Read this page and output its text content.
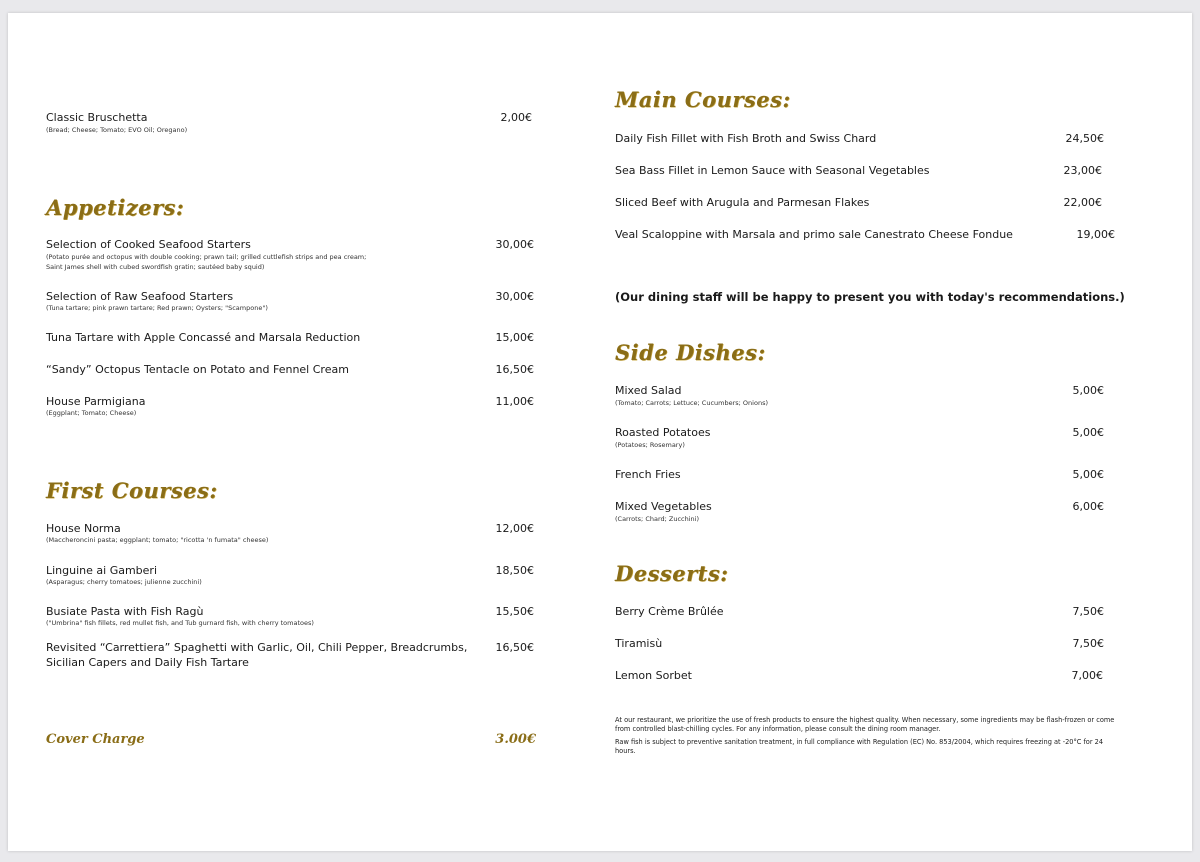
Classic Bruschetta
(Bread; Cheese; Tomato; EVO Oil; Oregano)
2,00€
Appetizers:
Selection of Cooked Seafood Starters
(Potato purée and octopus with double cooking; prawn tail; grilled cuttlefish strips and pea cream;
Saint James shell with cubed swordfish gratin; sautéed baby squid)
30,00€
Selection of Raw Seafood Starters
(Tuna tartare; pink prawn tartare; Red prawn; Oysters; "Scampone")
30,00€
Tuna Tartare with Apple Concassé and Marsala Reduction	15,00€
“Sandy” Octopus Tentacle on Potato and Fennel Cream	16,50€
House Parmigiana
(Eggplant; Tomato; Cheese)
11,00€
First Courses:
House Norma
(Maccheroncini pasta; eggplant; tomato; "ricotta 'n fumata" cheese)
12,00€
Linguine ai Gamberi
(Asparagus; cherry tomatoes; julienne zucchini)
18,50€
Busiate Pasta with Fish Ragù
("Umbrina" fish fillets, red mullet fish, and Tub gurnard fish, with cherry tomatoes)
15,50€
Revisited “Carrettiera” Spaghetti with Garlic, Oil, Chili Pepper, Breadcrumbs,
Sicilian Capers and Daily Fish Tartare
16,50€
Cover Charge	3.00€
Main Courses:
Daily Fish Fillet with Fish Broth and Swiss Chard	24,50€
Sea Bass Fillet in Lemon Sauce with Seasonal Vegetables	23,00€
Sliced Beef with Arugula and Parmesan Flakes	22,00€
Veal Scaloppine with Marsala and primo sale Canestrato Cheese Fondue	19,00€
(Our dining staff will be happy to present you with today's recommendations.)
Side Dishes:
Mixed Salad
(Tomato; Carrots; Lettuce; Cucumbers; Onions)
5,00€
Roasted Potatoes
(Potatoes; Rosemary)
5,00€
French Fries	5,00€
Mixed Vegetables
(Carrots; Chard; Zucchini)
6,00€
Desserts:
Berry Crème Brûlée	7,50€
Tiramisù	7,50€
Lemon Sorbet	7,00€
At our restaurant, we prioritize the use of fresh products to ensure the highest quality. When necessary, some ingredients may be flash-frozen or come from controlled blast-chilling cycles. For any information, please consult the dining room manager.
Raw fish is subject to preventive sanitation treatment, in full compliance with Regulation (EC) No. 853/2004, which requires freezing at -20°C for 24 hours.
